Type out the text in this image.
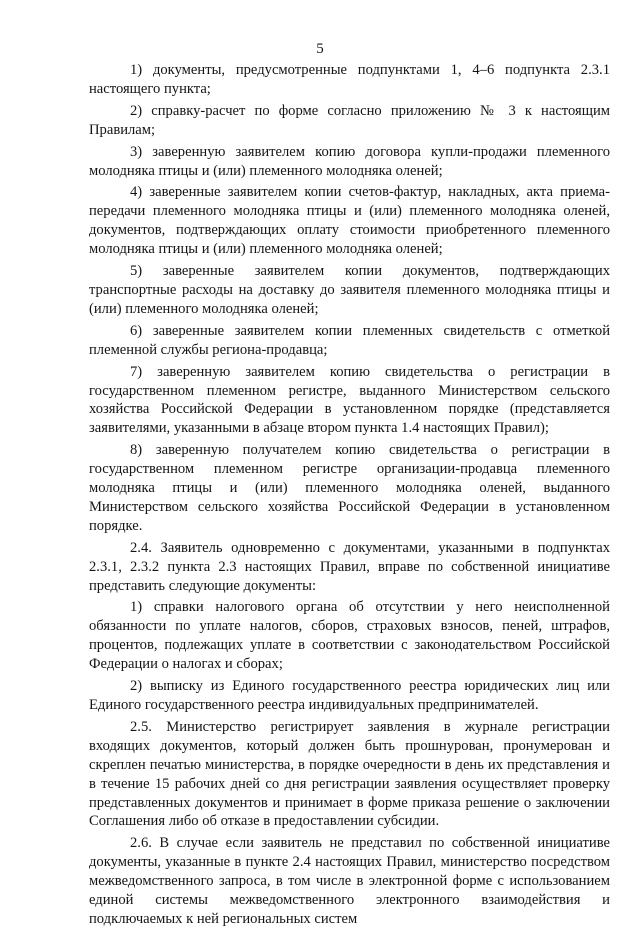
5

1) документы, предусмотренные подпунктами 1, 4–6 подпункта 2.3.1 настоящего пункта;

2) справку-расчет по форме согласно приложению № 3 к настоящим Правилам;

3) заверенную заявителем копию договора купли-продажи племенного молодняка птицы и (или) племенного молодняка оленей;

4) заверенные заявителем копии счетов-фактур, накладных, акта приема-передачи племенного молодняка птицы и (или) племенного молодняка оленей, документов, подтверждающих оплату стоимости приобретенного племенного молодняка птицы и (или) племенного молодняка оленей;

5) заверенные заявителем копии документов, подтверждающих транспортные расходы на доставку до заявителя племенного молодняка птицы и (или) племенного молодняка оленей;

6) заверенные заявителем копии племенных свидетельств с отметкой племенной службы региона-продавца;

7) заверенную заявителем копию свидетельства о регистрации в государственном племенном регистре, выданного Министерством сельского хозяйства Российской Федерации в установленном порядке (представляется заявителями, указанными в абзаце втором пункта 1.4 настоящих Правил);

8) заверенную получателем копию свидетельства о регистрации в государственном племенном регистре организации-продавца племенного молодняка птицы и (или) племенного молодняка оленей, выданного Министерством сельского хозяйства Российской Федерации в установленном порядке.

2.4. Заявитель одновременно с документами, указанными в подпунктах 2.3.1, 2.3.2 пункта 2.3 настоящих Правил, вправе по собственной инициативе представить следующие документы:

1) справки налогового органа об отсутствии у него неисполненной обязанности по уплате налогов, сборов, страховых взносов, пеней, штрафов, процентов, подлежащих уплате в соответствии с законодательством Российской Федерации о налогах и сборах;

2) выписку из Единого государственного реестра юридических лиц или Единого государственного реестра индивидуальных предпринимателей.

2.5. Министерство регистрирует заявления в журнале регистрации входящих документов, который должен быть прошнурован, пронумерован и скреплен печатью министерства, в порядке очередности в день их представления и в течение 15 рабочих дней со дня регистрации заявления осуществляет проверку представленных документов и принимает в форме приказа решение о заключении Соглашения либо об отказе в предоставлении субсидии.

2.6. В случае если заявитель не представил по собственной инициативе документы, указанные в пункте 2.4 настоящих Правил, министерство посредством межведомственного запроса, в том числе в электронной форме с использованием единой системы межведомственного электронного взаимодействия и подключаемых к ней региональных систем
